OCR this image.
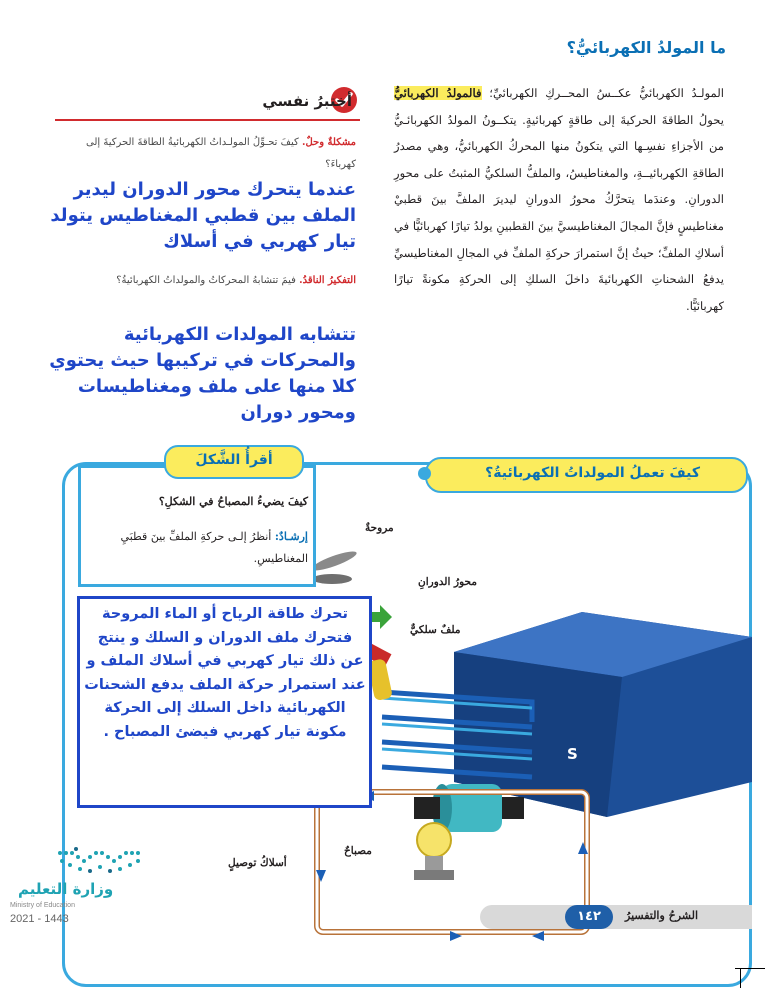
ما المولدُ الكهربائيُّ؟
المولـدُ الكهربائيُّ عكــسُ المحــركِ الكهربائيِّ؛ فالمولدُ الكهربائيُّ يحولُ الطاقةَ الحركيةَ إلى طاقةٍ كهربائيةٍ. يتكــونُ المولدُ الكهربائـيُّ من الأجزاءِ نفسِـها التي يتكونُ منها المحركُ الكهربائيُّ، وهي مصدرُ الطاقةِ الكهربائيــةِ، والمغناطيسُ، والملفُّ السلكيُّ المثبتُ على محورِ الدورانِ. وعندَما يتحرَّكُ محورُ الدورانِ ليديرَ الملفَّ بينَ قطبيْ مغناطيسٍ فإنَّ المجالَ المغناطيسيَّ بينَ القطبينِ يولدُ تيارًا كهربائيًّا في أسلاكِ الملفِّ؛ حيثُ إنَّ استمرارَ حركةِ الملفِّ في المجالِ المغناطيسيِّ يدفعُ الشحناتِ الكهربائيةَ داخلَ السلكِ إلى الحركةِ مكونةً تيارًا كهربائيًّا.
أختبرُ نفسي
مشكلةٌ وحلٌ. كيفَ تحـوِّلُ المولـداتُ الكهربائيةُ الطاقةَ الحركيةَ إلى كهرباءَ؟
عندما يتحرك محور الدوران ليدير الملف بين قطبي المغناطيس يتولد تيار كهربي في أسلاك
التفكيرُ الناقدُ. فيمَ تتشابهُ المحركاتُ والمولداتُ الكهربائيةُ؟
تتشابه المولدات الكهربائية والمحركات في تركيبها حيث يحتوي كلا منها على ملف ومغناطيسات ومحور دوران
كيفَ تعملُ المولداتُ الكهربائيةُ؟
أقرأُ الشَّكلَ
كيفَ يضيءُ المصباحُ في الشكلِ؟
إرشـادٌ: أنظرُ إلـى حركةِ الملفِّ بينَ قطبَيِ المغناطيسِ.
تحرك طاقة الرياح أو الماء المروحة فتحرك ملف الدوران و السلك و ينتج عن ذلك تيار كهربي في أسلاك الملف و عند استمرار حركة الملف يدفع الشحنات الكهربائية داخل السلك إلى الحركة مكونة تيار كهربي فيضئ المصباح .
مروحةٌ
محورُ الدورانِ
ملفٌ سلكيٌّ
مصباحٌ
أسلاكُ توصيلٍ
S
١٤٢	الشرحُ والتفسيرُ
وزارة التعليم
Ministry of Education
2021 - 1443
